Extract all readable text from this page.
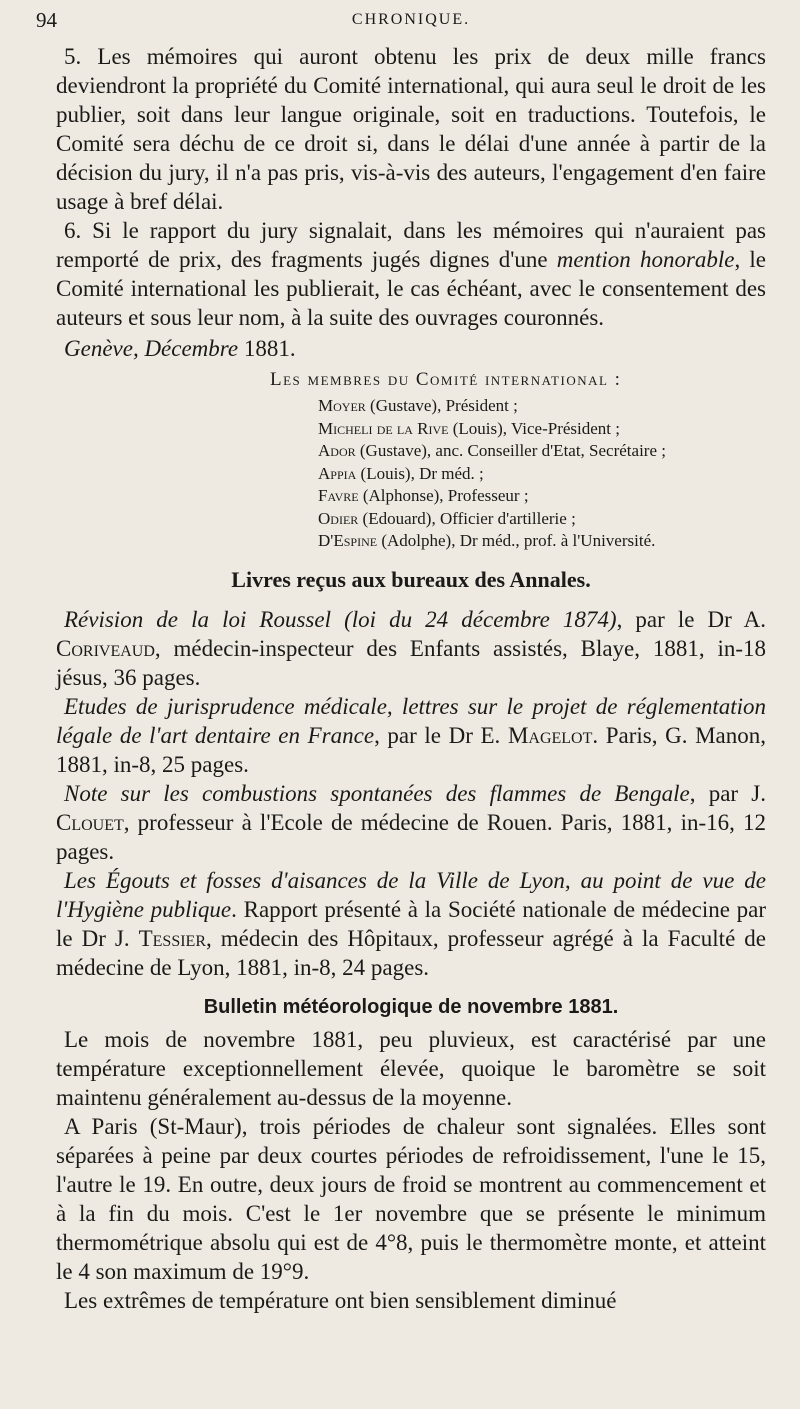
94	CHRONIQUE.

5. Les mémoires qui auront obtenu les prix de deux mille francs deviendront la propriété du Comité international, qui aura seul le droit de les publier, soit dans leur langue originale, soit en traductions. Toutefois, le Comité sera déchu de ce droit si, dans le délai d'une année à partir de la décision du jury, il n'a pas pris, vis-à-vis des auteurs, l'engagement d'en faire usage à bref délai.

6. Si le rapport du jury signalait, dans les mémoires qui n'auraient pas remporté de prix, des fragments jugés dignes d'une mention honorable, le Comité international les publierait, le cas échéant, avec le consentement des auteurs et sous leur nom, à la suite des ouvrages couronnés.

Genève, Décembre 1881.

Les membres du Comité international :
Moyer (Gustave), Président ;
Micheli de la Rive (Louis), Vice-Président ;
Ador (Gustave), anc. Conseiller d'Etat, Secrétaire ;
Appia (Louis), Dr méd. ;
Favre (Alphonse), Professeur ;
Odier (Edouard), Officier d'artillerie ;
D'Espine (Adolphe), Dr méd., prof. à l'Université.
Livres reçus aux bureaux des Annales.

Révision de la loi Roussel (loi du 24 décembre 1874), par le Dr A. Coriveaud, médecin-inspecteur des Enfants assistés, Blaye, 1881, in-18 jésus, 36 pages.

Etudes de jurisprudence médicale, lettres sur le projet de réglementation légale de l'art dentaire en France, par le Dr E. Magelot. Paris, G. Manon, 1881, in-8, 25 pages.

Note sur les combustions spontanées des flammes de Bengale, par J. Clouet, professeur à l'Ecole de médecine de Rouen. Paris, 1881, in-16, 12 pages.

Les Égouts et fosses d'aisances de la Ville de Lyon, au point de vue de l'Hygiène publique. Rapport présenté à la Société nationale de médecine par le Dr J. Tessier, médecin des Hôpitaux, professeur agrégé à la Faculté de médecine de Lyon, 1881, in-8, 24 pages.

Bulletin météorologique de novembre 1881.

Le mois de novembre 1881, peu pluvieux, est caractérisé par une température exceptionnellement élevée, quoique le baromètre se soit maintenu généralement au-dessus de la moyenne.

A Paris (St-Maur), trois périodes de chaleur sont signalées. Elles sont séparées à peine par deux courtes périodes de refroidissement, l'une le 15, l'autre le 19. En outre, deux jours de froid se montrent au commencement et à la fin du mois. C'est le 1er novembre que se présente le minimum thermométrique absolu qui est de 4°8, puis le thermomètre monte, et atteint le 4 son maximum de 19°9.

Les extrêmes de température ont bien sensiblement diminué
